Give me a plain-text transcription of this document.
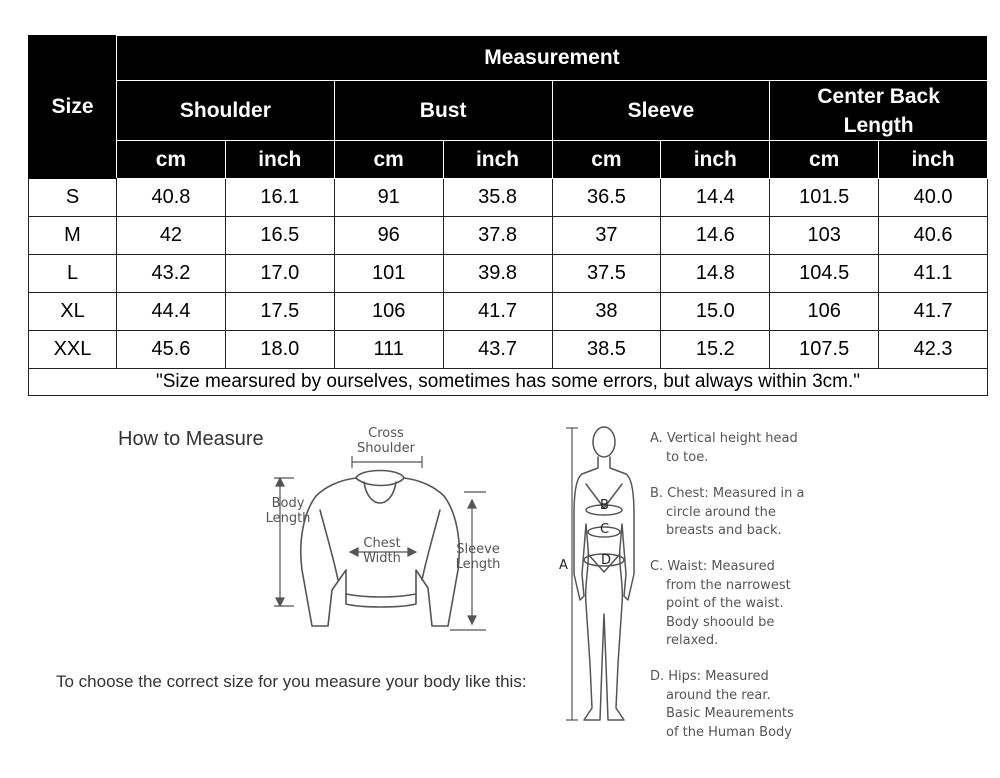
Size	Measurement							
	Shoulder		Bust		Sleeve		Center Back Length	
	cm	inch	cm	inch	cm	inch	cm	inch
S	40.8	16.1	91	35.8	36.5	14.4	101.5	40.0
M	42	16.5	96	37.8	37	14.6	103	40.6
L	43.2	17.0	101	39.8	37.5	14.8	104.5	41.1
XL	44.4	17.5	106	41.7	38	15.0	106	41.7
XXL	45.6	18.0	111	43.7	38.5	15.2	107.5	42.3
"Size mearsured by ourselves, sometimes has some errors, but always within 3cm."								
How to Measure	Cross
Shoulder
Body
Length
Chest
Width
Sleeve
Length
To choose the correct size for you measure your body like this:
B
C
D
A
A. Vertical height head
to toe.
B. Chest: Measured in a
circle around the
breasts and back.
C. Waist: Measured
from the narrowest
point of the waist.
Body shoould be
relaxed.
D. Hips: Measured
around the rear.
Basic Meaurements
of the Human Body
